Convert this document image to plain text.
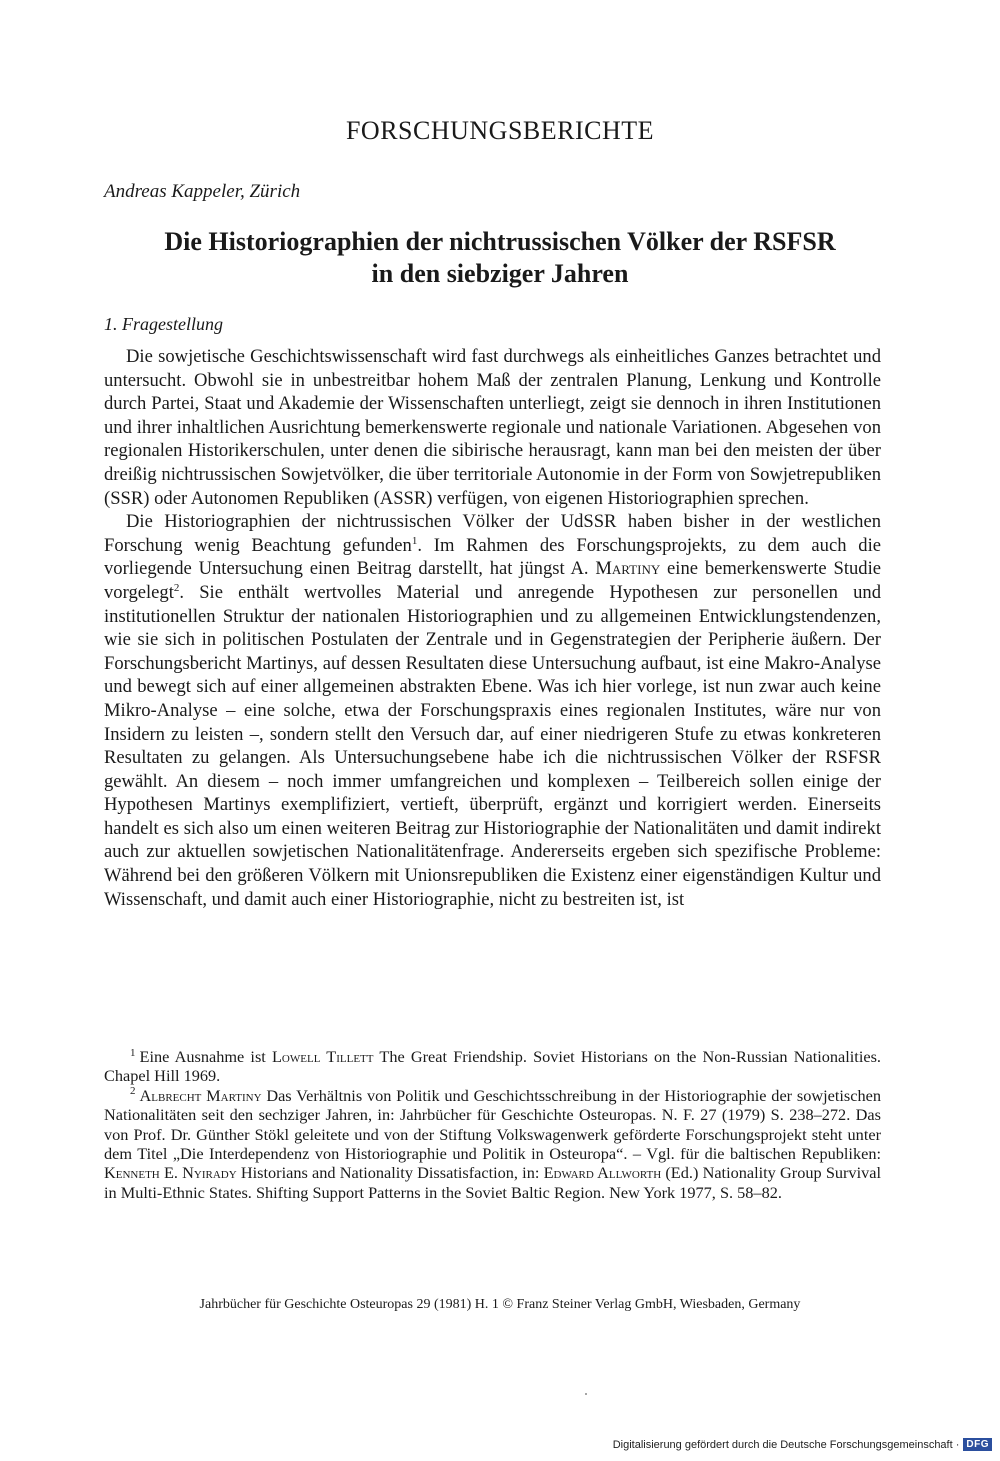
FORSCHUNGSBERICHTE

Andreas Kappeler, Zürich

Die Historiographien der nichtrussischen Völker der RSFSR
in den siebziger Jahren

1. Fragestellung

Die sowjetische Geschichtswissenschaft wird fast durchwegs als einheitliches Ganzes betrachtet und untersucht. Obwohl sie in unbestreitbar hohem Maß der zentralen Planung, Lenkung und Kontrolle durch Partei, Staat und Akademie der Wissenschaften unterliegt, zeigt sie dennoch in ihren Institutionen und ihrer inhaltlichen Ausrichtung bemerkenswerte regionale und nationale Variationen. Abgesehen von regionalen Historikerschulen, unter denen die sibirische herausragt, kann man bei den meisten der über dreißig nichtrussischen Sowjetvölker, die über territoriale Autonomie in der Form von Sowjetrepubliken (SSR) oder Autonomen Republiken (ASSR) verfügen, von eigenen Historiographien sprechen.

Die Historiographien der nichtrussischen Völker der UdSSR haben bisher in der westlichen Forschung wenig Beachtung gefunden$^1$. Im Rahmen des Forschungsprojekts, zu dem auch die vorliegende Untersuchung einen Beitrag darstellt, hat jüngst A. Martiny eine bemerkenswerte Studie vorgelegt$^2$. Sie enthält wertvolles Material und anregende Hypothesen zur personellen und institutionellen Struktur der nationalen Historiographien und zu allgemeinen Entwicklungstendenzen, wie sie sich in politischen Postulaten der Zentrale und in Gegenstrategien der Peripherie äußern. Der Forschungsbericht Martinys, auf dessen Resultaten diese Untersuchung aufbaut, ist eine Makro-Analyse und bewegt sich auf einer allgemeinen abstrakten Ebene. Was ich hier vorlege, ist nun zwar auch keine Mikro-Analyse – eine solche, etwa der Forschungspraxis eines regionalen Institutes, wäre nur von Insidern zu leisten –, sondern stellt den Versuch dar, auf einer niedrigeren Stufe zu etwas konkreteren Resultaten zu gelangen. Als Untersuchungsebene habe ich die nichtrussischen Völker der RSFSR gewählt. An diesem – noch immer umfangreichen und komplexen – Teilbereich sollen einige der Hypothesen Martinys exemplifiziert, vertieft, überprüft, ergänzt und korrigiert werden. Einerseits handelt es sich also um einen weiteren Beitrag zur Historiographie der Nationalitäten und damit indirekt auch zur aktuellen sowjetischen Nationalitätenfrage. Andererseits ergeben sich spezifische Probleme: Während bei den größeren Völkern mit Unionsrepubliken die Existenz einer eigenständigen Kultur und Wissenschaft, und damit auch einer Historiographie, nicht zu bestreiten ist, ist

$^1$ Eine Ausnahme ist Lowell Tillett The Great Friendship. Soviet Historians on the Non-Russian Nationalities. Chapel Hill 1969.

$^2$ Albrecht Martiny Das Verhältnis von Politik und Geschichtsschreibung in der Historiographie der sowjetischen Nationalitäten seit den sechziger Jahren, in: Jahrbücher für Geschichte Osteuropas. N. F. 27 (1979) S. 238–272. Das von Prof. Dr. Günther Stökl geleitete und von der Stiftung Volkswagenwerk geförderte Forschungsprojekt steht unter dem Titel „Die Interdependenz von Historiographie und Politik in Osteuropa“. – Vgl. für die baltischen Republiken: Kenneth E. Nyirady Historians and Nationality Dissatisfaction, in: Edward Allworth (Ed.) Nationality Group Survival in Multi-Ethnic States. Shifting Support Patterns in the Soviet Baltic Region. New York 1977, S. 58–82.

Jahrbücher für Geschichte Osteuropas 29 (1981) H. 1 © Franz Steiner Verlag GmbH, Wiesbaden, Germany

Digitalisierung gefördert durch die Deutsche Forschungsgemeinschaft · DFG
